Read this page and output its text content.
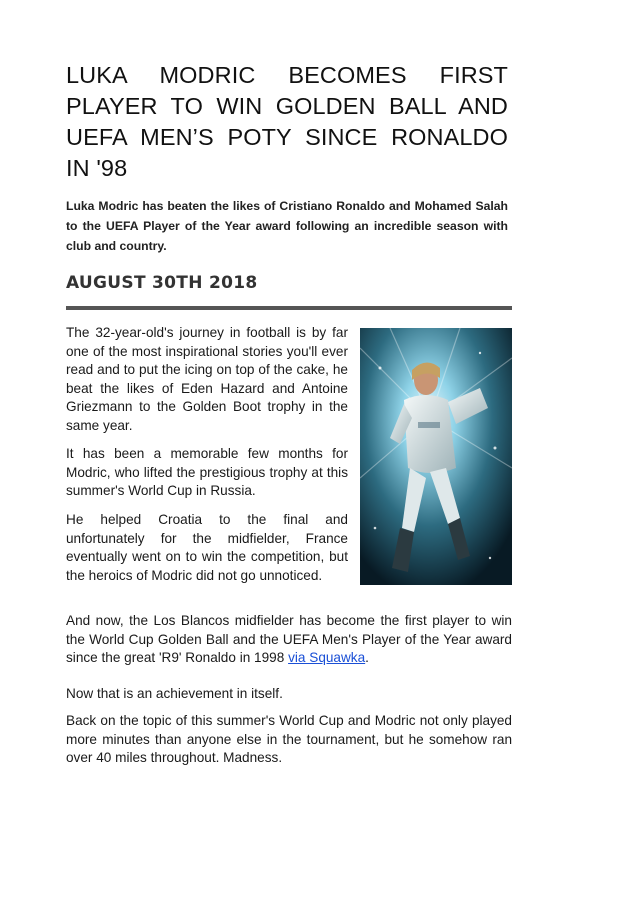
LUKA MODRIC BECOMES FIRST PLAYER TO WIN GOLDEN BALL AND UEFA MEN’S POTY SINCE RONALDO IN '98

Luka Modric has beaten the likes of Cristiano Ronaldo and Mohamed Salah to the UEFA Player of the Year award following an incredible season with club and country.

AUGUST 30TH 2018

The 32-year-old's journey in football is by far one of the most inspirational stories you'll ever read and to put the icing on top of the cake, he beat the likes of Eden Hazard and Antoine Griezmann to the Golden Boot trophy in the same year.

It has been a memorable few months for Modric, who lifted the prestigious trophy at this summer's World Cup in Russia.

He helped Croatia to the final and unfortunately for the midfielder, France eventually went on to win the competition, but the heroics of Modric did not go unnoticed.

And now, the Los Blancos midfielder has become the first player to win the World Cup Golden Ball and the UEFA Men's Player of the Year award since the great 'R9' Ronaldo in 1998 via Squawka.

Now that is an achievement in itself.

Back on the topic of this summer's World Cup and Modric not only played more minutes than anyone else in the tournament, but he somehow ran over 40 miles throughout. Madness.
